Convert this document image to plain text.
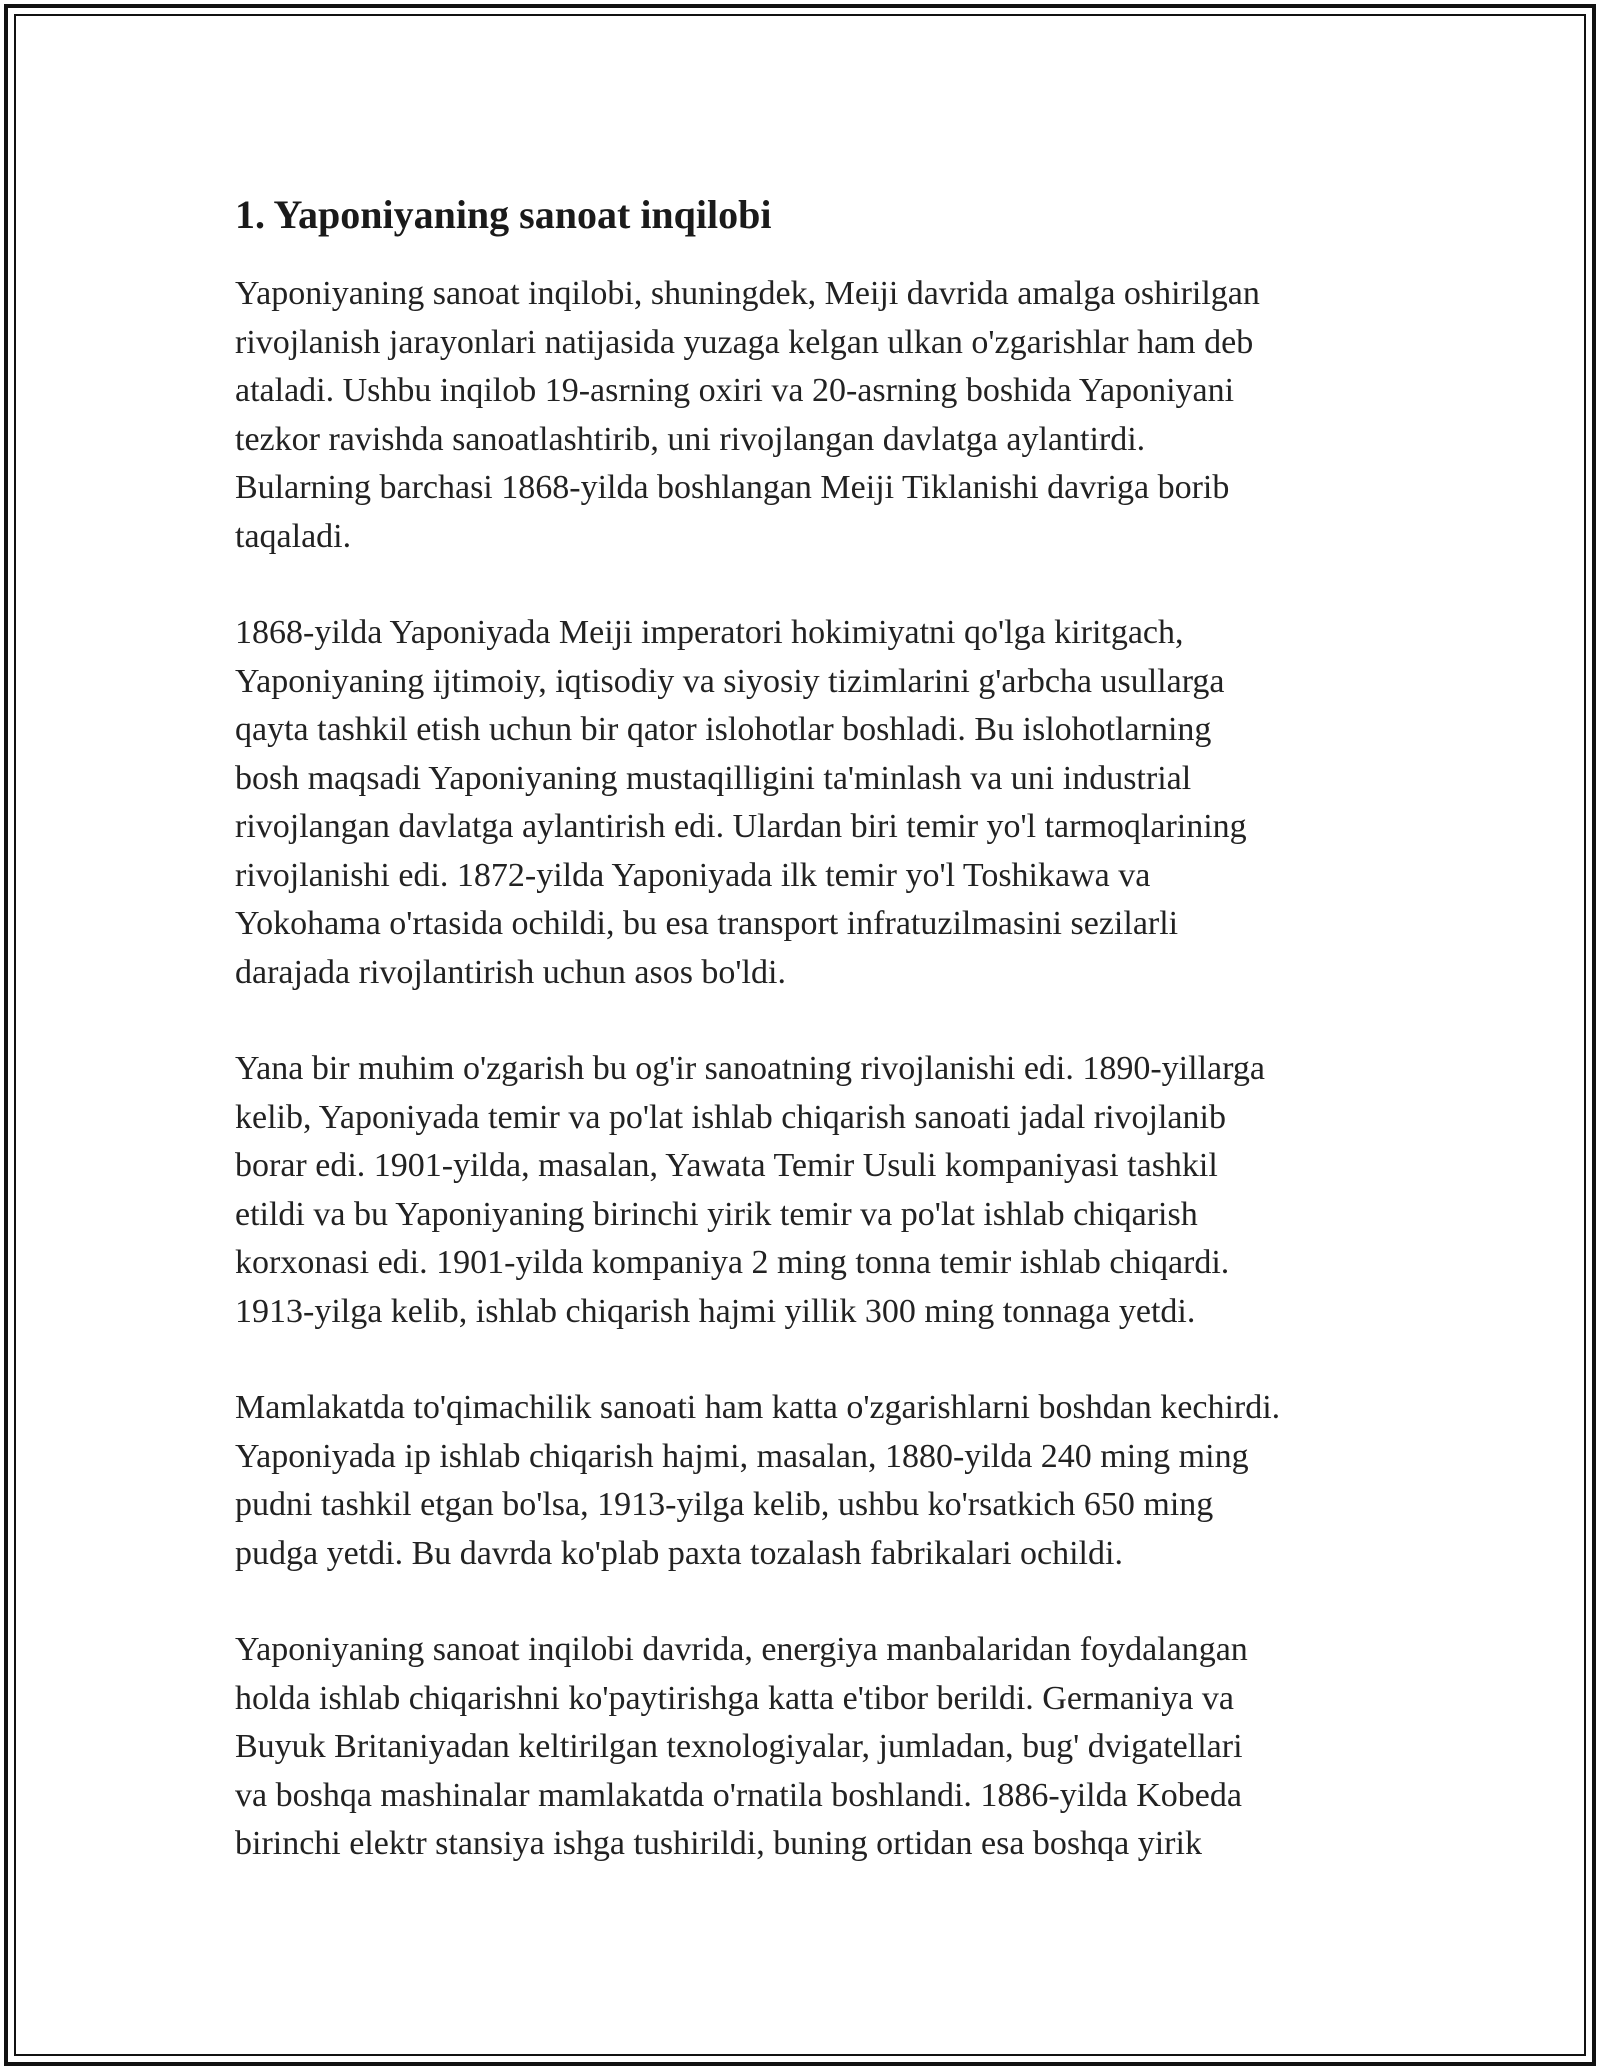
1. Yaponiyaning sanoat inqilobi

Yaponiyaning sanoat inqilobi, shuningdek, Meiji davrida amalga oshirilgan
rivojlanish jarayonlari natijasida yuzaga kelgan ulkan o'zgarishlar ham deb
ataladi. Ushbu inqilob 19-asrning oxiri va 20-asrning boshida Yaponiyani
tezkor ravishda sanoatlashtirib, uni rivojlangan davlatga aylantirdi.
Bularning barchasi 1868-yilda boshlangan Meiji Tiklanishi davriga borib
taqaladi.

1868-yilda Yaponiyada Meiji imperatori hokimiyatni qo'lga kiritgach,
Yaponiyaning ijtimoiy, iqtisodiy va siyosiy tizimlarini g'arbcha usullarga
qayta tashkil etish uchun bir qator islohotlar boshladi. Bu islohotlarning
bosh maqsadi Yaponiyaning mustaqilligini ta'minlash va uni industrial
rivojlangan davlatga aylantirish edi. Ulardan biri temir yo'l tarmoqlarining
rivojlanishi edi. 1872-yilda Yaponiyada ilk temir yo'l Toshikawa va
Yokohama o'rtasida ochildi, bu esa transport infratuzilmasini sezilarli
darajada rivojlantirish uchun asos bo'ldi.

Yana bir muhim o'zgarish bu og'ir sanoatning rivojlanishi edi. 1890-yillarga
kelib, Yaponiyada temir va po'lat ishlab chiqarish sanoati jadal rivojlanib
borar edi. 1901-yilda, masalan, Yawata Temir Usuli kompaniyasi tashkil
etildi va bu Yaponiyaning birinchi yirik temir va po'lat ishlab chiqarish
korxonasi edi. 1901-yilda kompaniya 2 ming tonna temir ishlab chiqardi.
1913-yilga kelib, ishlab chiqarish hajmi yillik 300 ming tonnaga yetdi.

Mamlakatda to'qimachilik sanoati ham katta o'zgarishlarni boshdan kechirdi.
Yaponiyada ip ishlab chiqarish hajmi, masalan, 1880-yilda 240 ming ming
pudni tashkil etgan bo'lsa, 1913-yilga kelib, ushbu ko'rsatkich 650 ming
pudga yetdi. Bu davrda ko'plab paxta tozalash fabrikalari ochildi.

Yaponiyaning sanoat inqilobi davrida, energiya manbalaridan foydalangan
holda ishlab chiqarishni ko'paytirishga katta e'tibor berildi. Germaniya va
Buyuk Britaniyadan keltirilgan texnologiyalar, jumladan, bug' dvigatellari
va boshqa mashinalar mamlakatda o'rnatila boshlandi. 1886-yilda Kobeda
birinchi elektr stansiya ishga tushirildi, buning ortidan esa boshqa yirik
